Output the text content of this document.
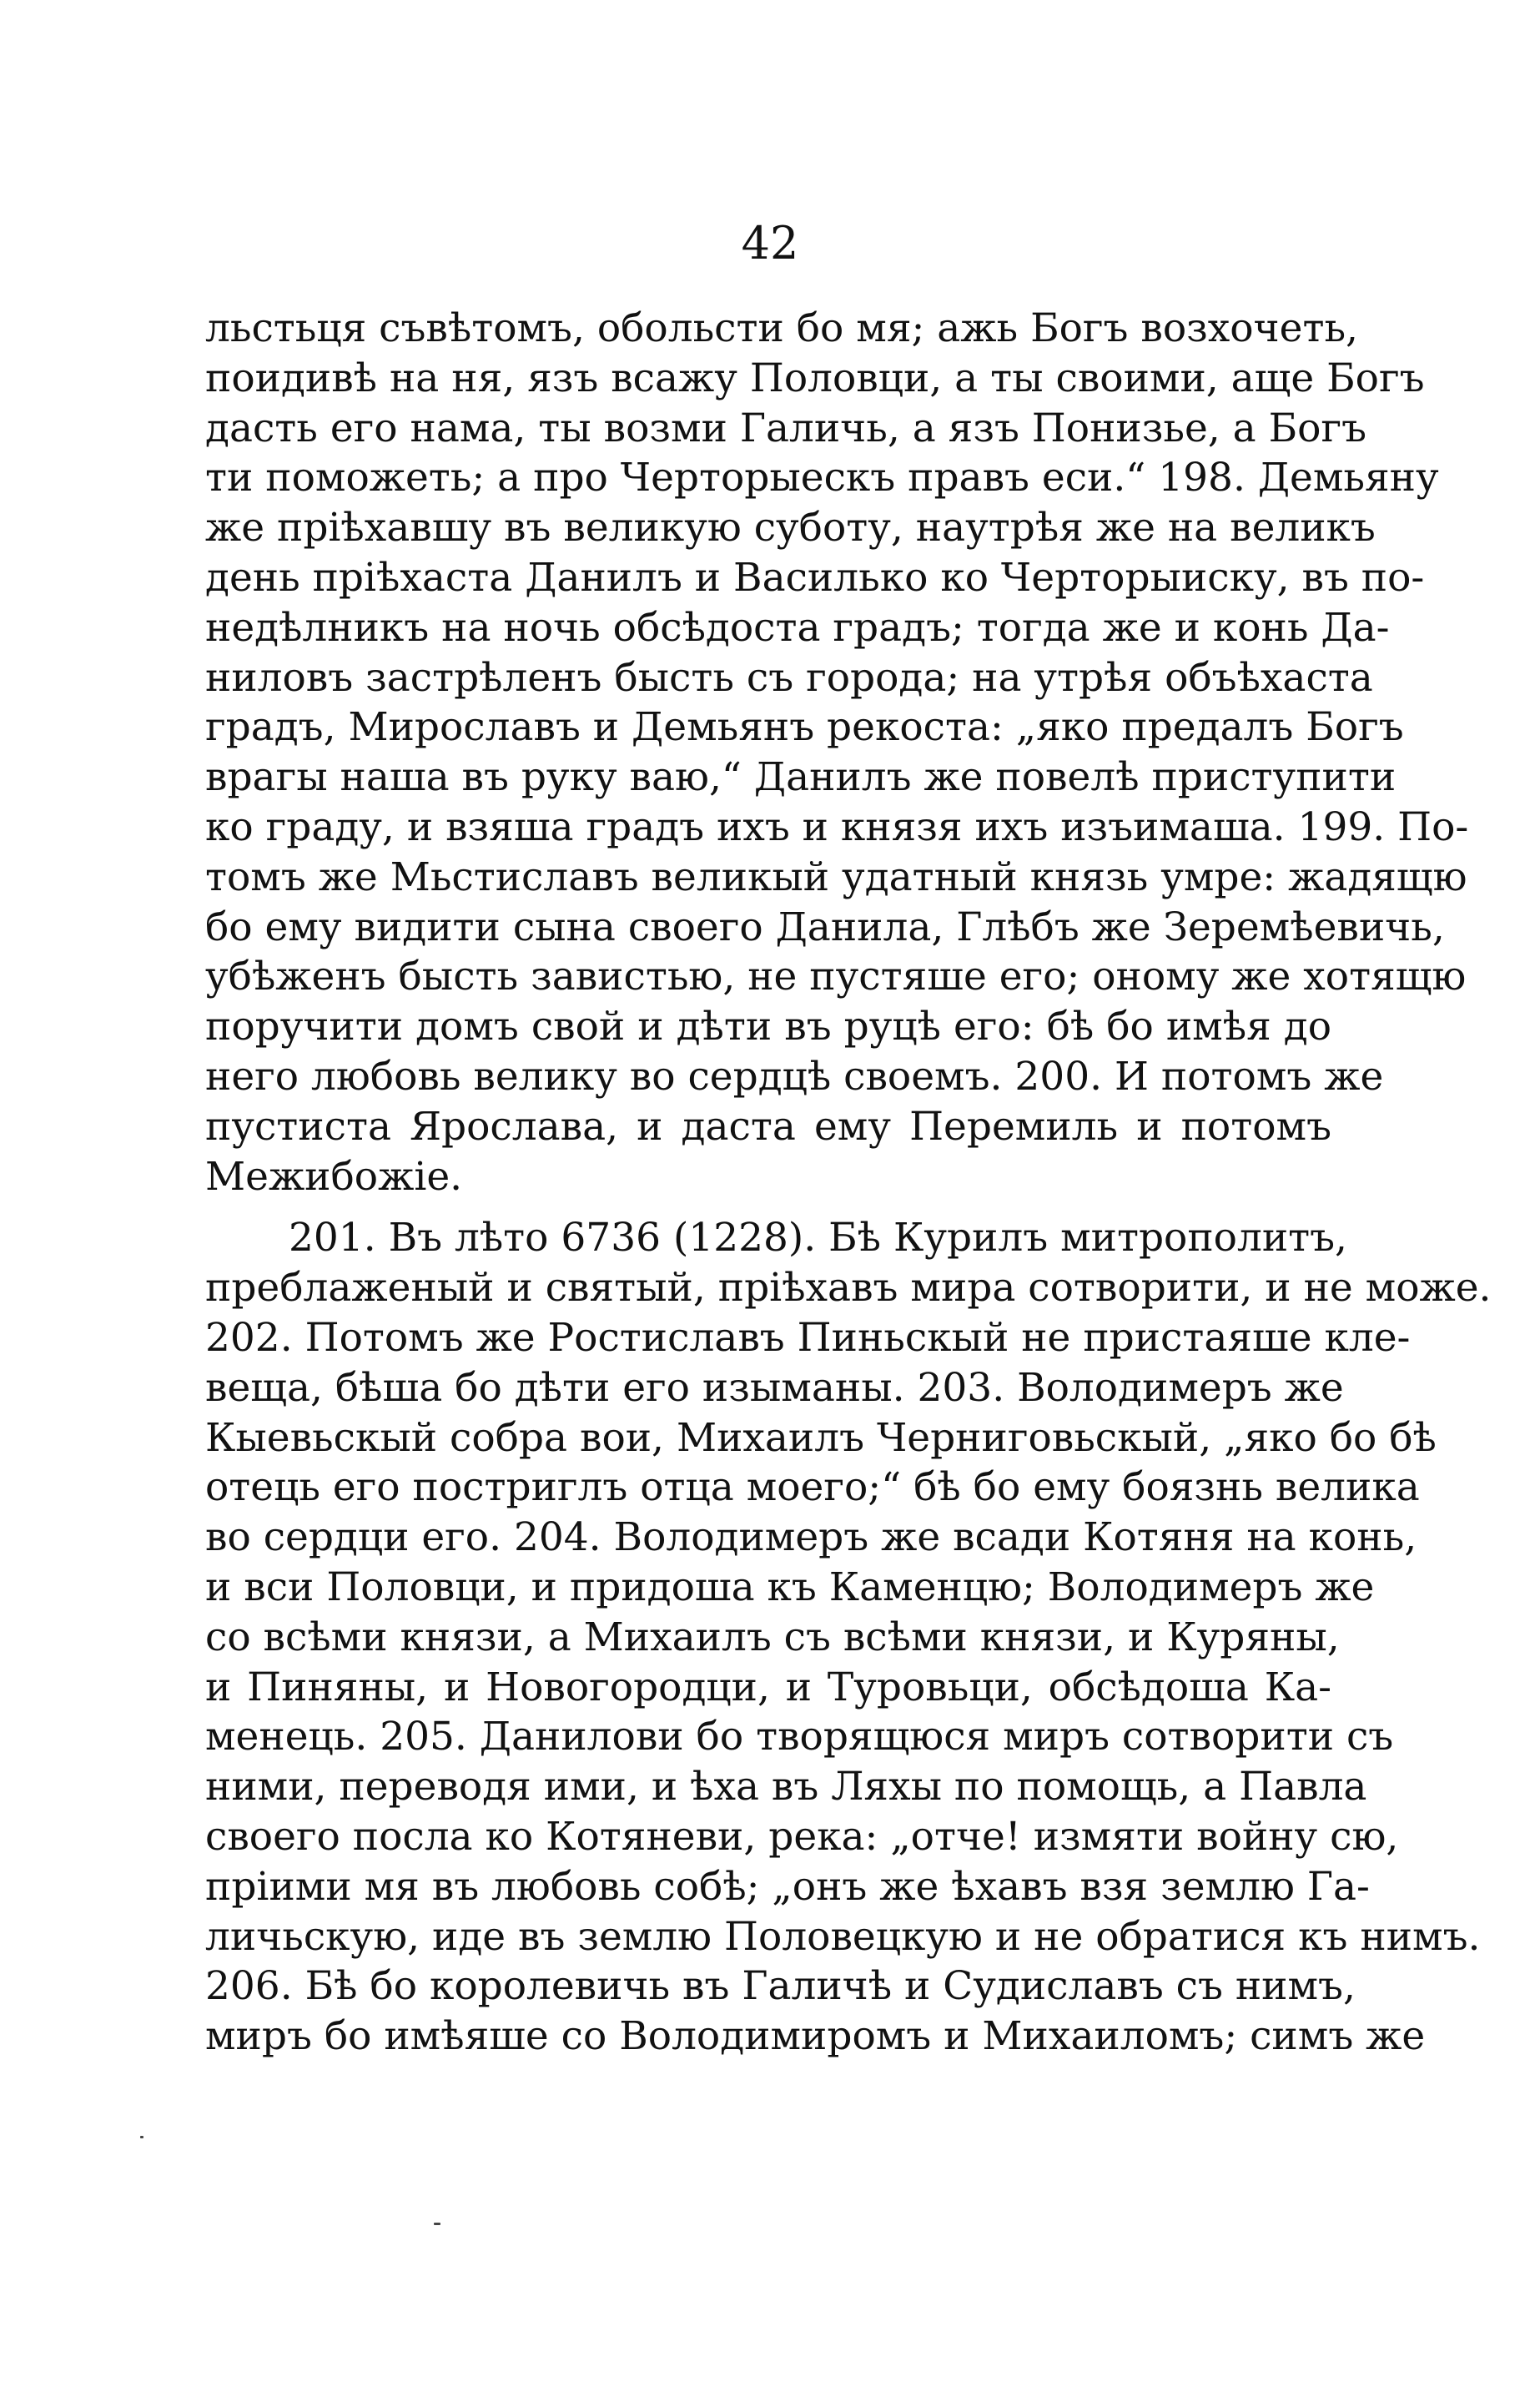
42
льстьця съвѣтомъ, обольсти бо мя; ажь Богъ возхочеть,
поидивѣ на ня, язъ всажу Половци, а ты своими, аще Богъ
дасть его нама, ты возми Галичь, а язъ Понизье, а Богъ
ти поможеть; а про Черторыескъ правъ еси.“ 198. Демьяну
же пріѣхавшу въ великую суботу, наутрѣя же на великъ
день пріѣхаста Данилъ и Василько ко Черторыиску, въ по-
недѣлникъ на ночь обсѣдоста градъ; тогда же и конь Да-
ниловъ застрѣленъ бысть съ города; на утрѣя объѣхаста
градъ, Мирославъ и Демьянъ рекоста: „яко предалъ Богъ
врагы наша въ руку ваю,“ Данилъ же повелѣ приступити
ко граду, и взяша градъ ихъ и князя ихъ изъимаша. 199. По-
томъ же Мьстиславъ великый удатный князь умре: жадящю
бо ему видити сына своего Данила, Глѣбъ же Зеремѣевичь,
убѣженъ бысть завистью, не пустяше его; оному же хотящю
поручити домъ свой и дѣти въ руцѣ его: бѣ бо имѣя до
него любовь велику во сердцѣ своемъ. 200. И потомъ же
пустиста Ярослава, и даста ему Перемиль и потомъ
Межибожіе.
201. Въ лѣто 6736 (1228). Бѣ Курилъ митрополитъ,
преблаженый и святый, пріѣхавъ мира сотворити, и не може.
202. Потомъ же Ростиславъ Пиньскый не пристаяше кле-
веща, бѣша бо дѣти его изыманы. 203. Володимеръ же
Кыевьскый собра вои, Михаилъ Черниговьскый, „яко бо бѣ
отець его постриглъ отца моего;“ бѣ бо ему боязнь велика
во сердци его. 204. Володимеръ же всади Котяня на конь,
и вси Половци, и придоша къ Каменцю; Володимеръ же
со всѣми князи, а Михаилъ съ всѣми князи, и Куряны,
и Пиняны, и Новогородци, и Туровьци, обсѣдоша Ка-
менець. 205. Данилови бо творящюся миръ сотворити съ
ними, переводя ими, и ѣха въ Ляхы по помощь, а Павла
своего посла ко Котяневи, река: „отче! измяти войну сю,
пріими мя въ любовь собѣ; „онъ же ѣхавъ взя землю Га-
личьскую, иде въ землю Половецкую и не обратися къ нимъ.
206. Бѣ бо королевичь въ Галичѣ и Судиславъ съ нимъ,
миръ бо имѣяше со Володимиромъ и Михаиломъ; симъ же
